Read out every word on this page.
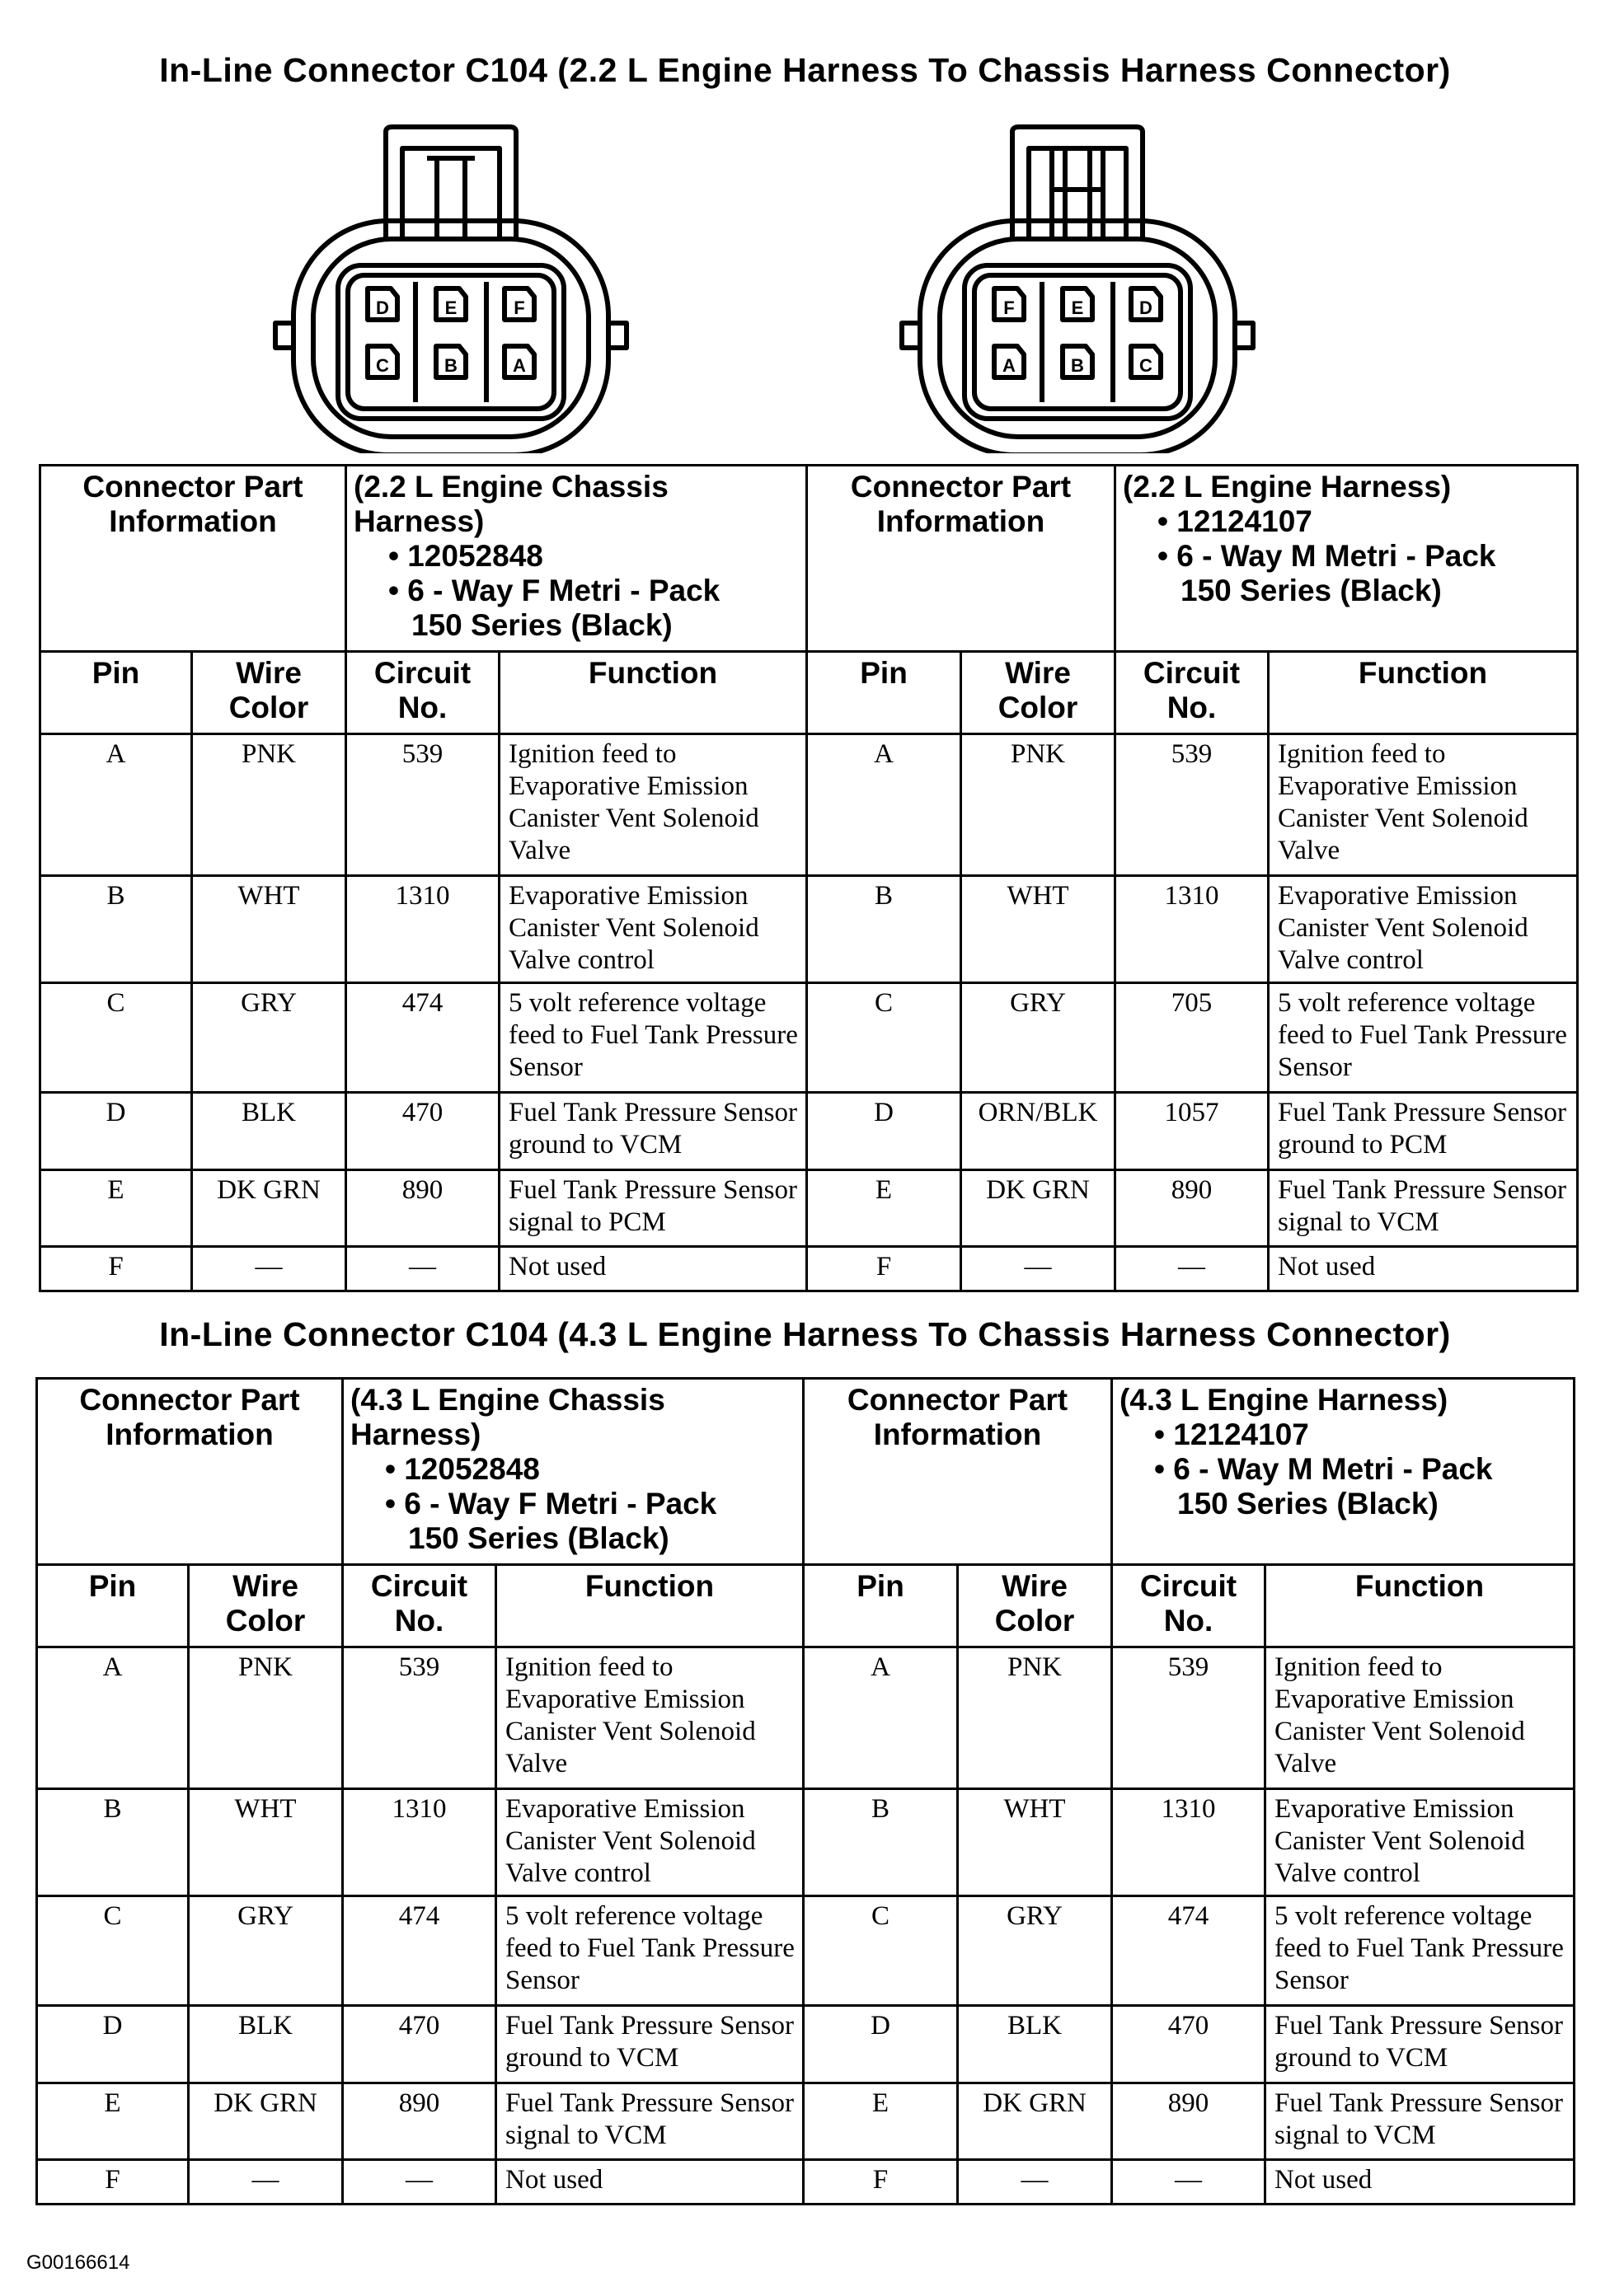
In-Line Connector C104 (2.2 L Engine Harness To Chassis Harness Connector)
D	E	F
C	B	A
F	E	D
A	B	C
Connector Part Information		(2.2 L Engine Chassis Harness)
• 12052848
• 6 - Way F Metri - Pack
150 Series (Black)		Connector Part Information		(2.2 L Engine Harness)
• 12124107
• 6 - Way M Metri - Pack
150 Series (Black)	

Pin	Wire Color	Circuit No.	Function	Pin	Wire Color	Circuit No.	Function
A	PNK	539	Ignition feed to Evaporative Emission Canister Vent Solenoid Valve	A	PNK	539	Ignition feed to Evaporative Emission Canister Vent Solenoid Valve
B	WHT	1310	Evaporative Emission Canister Vent Solenoid Valve control	B	WHT	1310	Evaporative Emission Canister Vent Solenoid Valve control
C	GRY	474	5 volt reference voltage feed to Fuel Tank Pressure Sensor	C	GRY	705	5 volt reference voltage feed to Fuel Tank Pressure Sensor
D	BLK	470	Fuel Tank Pressure Sensor ground to VCM	D	ORN/BLK	1057	Fuel Tank Pressure Sensor ground to PCM
E	DK GRN	890	Fuel Tank Pressure Sensor signal to PCM	E	DK GRN	890	Fuel Tank Pressure Sensor signal to VCM
F	—	—	Not used	F	—	—	Not used
In-Line Connector C104 (4.3 L Engine Harness To Chassis Harness Connector)
Connector Part Information		(4.3 L Engine Chassis Harness)
• 12052848
• 6 - Way F Metri - Pack
150 Series (Black)		Connector Part Information		(4.3 L Engine Harness)
• 12124107
• 6 - Way M Metri - Pack
150 Series (Black)	

Pin	Wire Color	Circuit No.	Function	Pin	Wire Color	Circuit No.	Function
A	PNK	539	Ignition feed to Evaporative Emission Canister Vent Solenoid Valve	A	PNK	539	Ignition feed to Evaporative Emission Canister Vent Solenoid Valve
B	WHT	1310	Evaporative Emission Canister Vent Solenoid Valve control	B	WHT	1310	Evaporative Emission Canister Vent Solenoid Valve control
C	GRY	474	5 volt reference voltage feed to Fuel Tank Pressure Sensor	C	GRY	474	5 volt reference voltage feed to Fuel Tank Pressure Sensor
D	BLK	470	Fuel Tank Pressure Sensor ground to VCM	D	BLK	470	Fuel Tank Pressure Sensor ground to VCM
E	DK GRN	890	Fuel Tank Pressure Sensor signal to VCM	E	DK GRN	890	Fuel Tank Pressure Sensor signal to VCM
F	—	—	Not used	F	—	—	Not used
G00166614
